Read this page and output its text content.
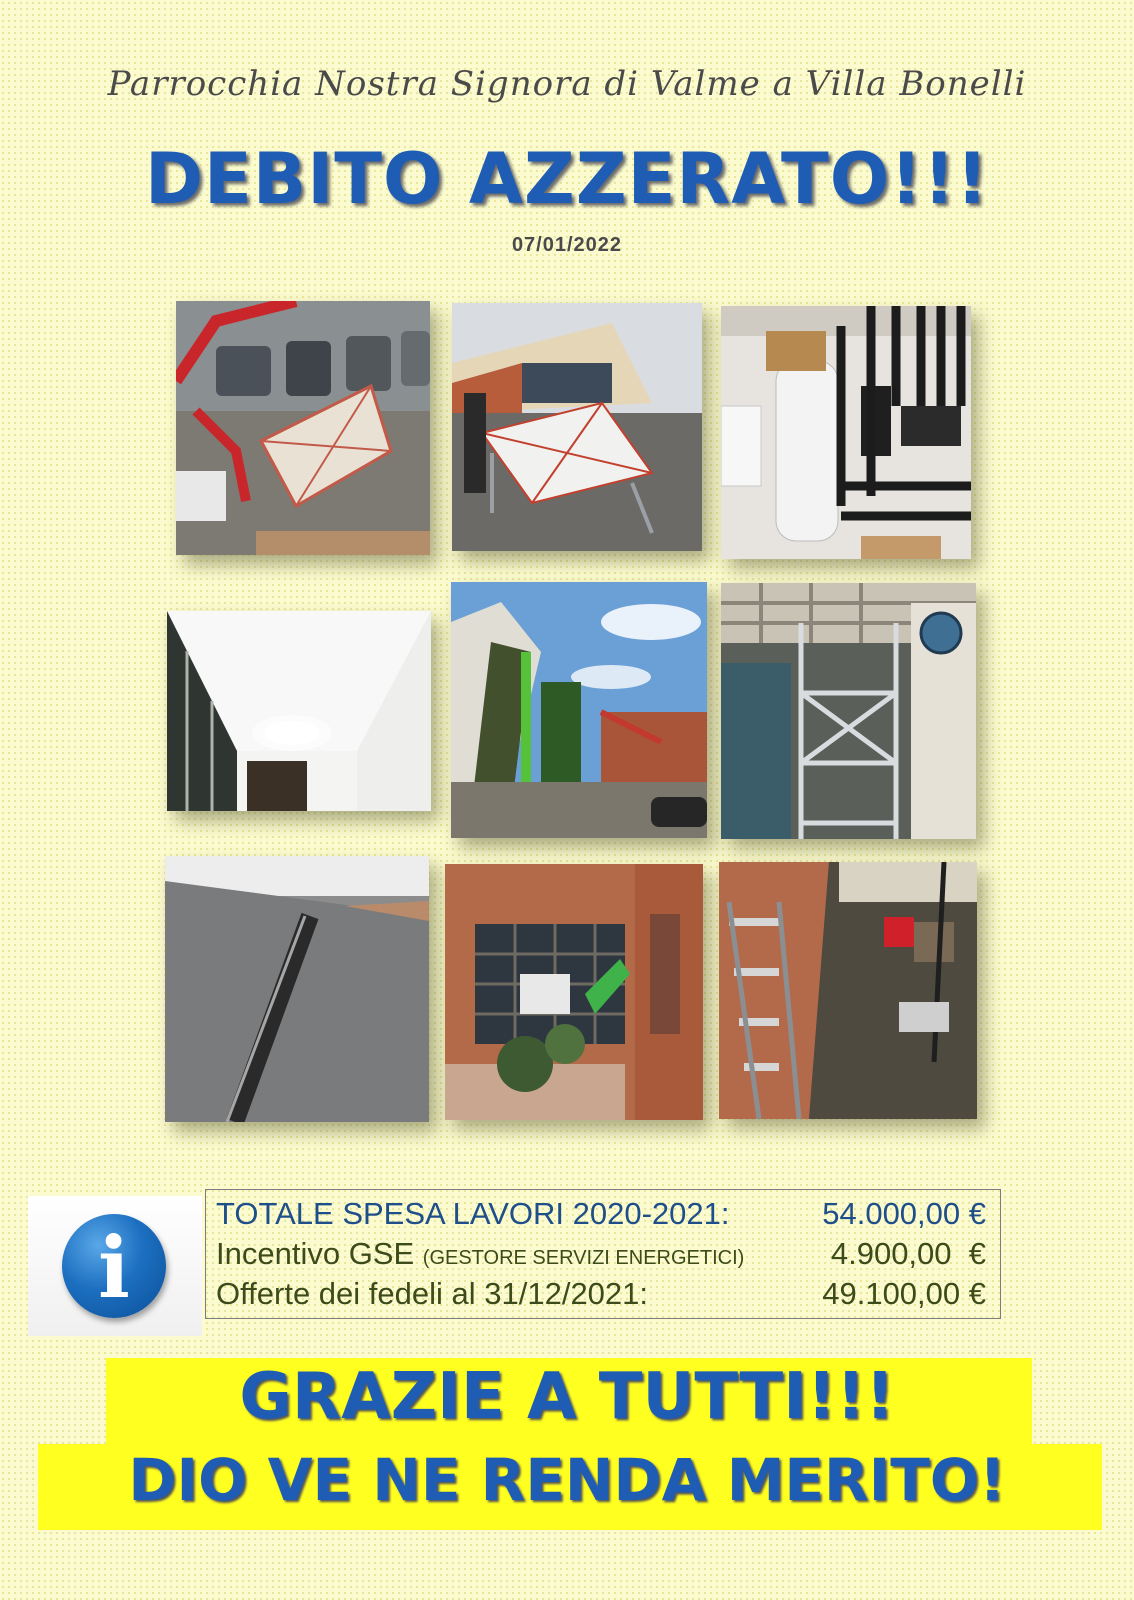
Parrocchia Nostra Signora di Valme a Villa Bonelli
DEBITO AZZERATO!!!
07/01/2022
i
TOTALE SPESA LAVORI 2020-2021:	54.000,00 €
Incentivo GSE (GESTORE SERVIZI ENERGETICI)	4.900,00  €
Offerte dei fedeli al 31/12/2021:	49.100,00 €
GRAZIE A TUTTI!!!
DIO VE NE RENDA MERITO!
